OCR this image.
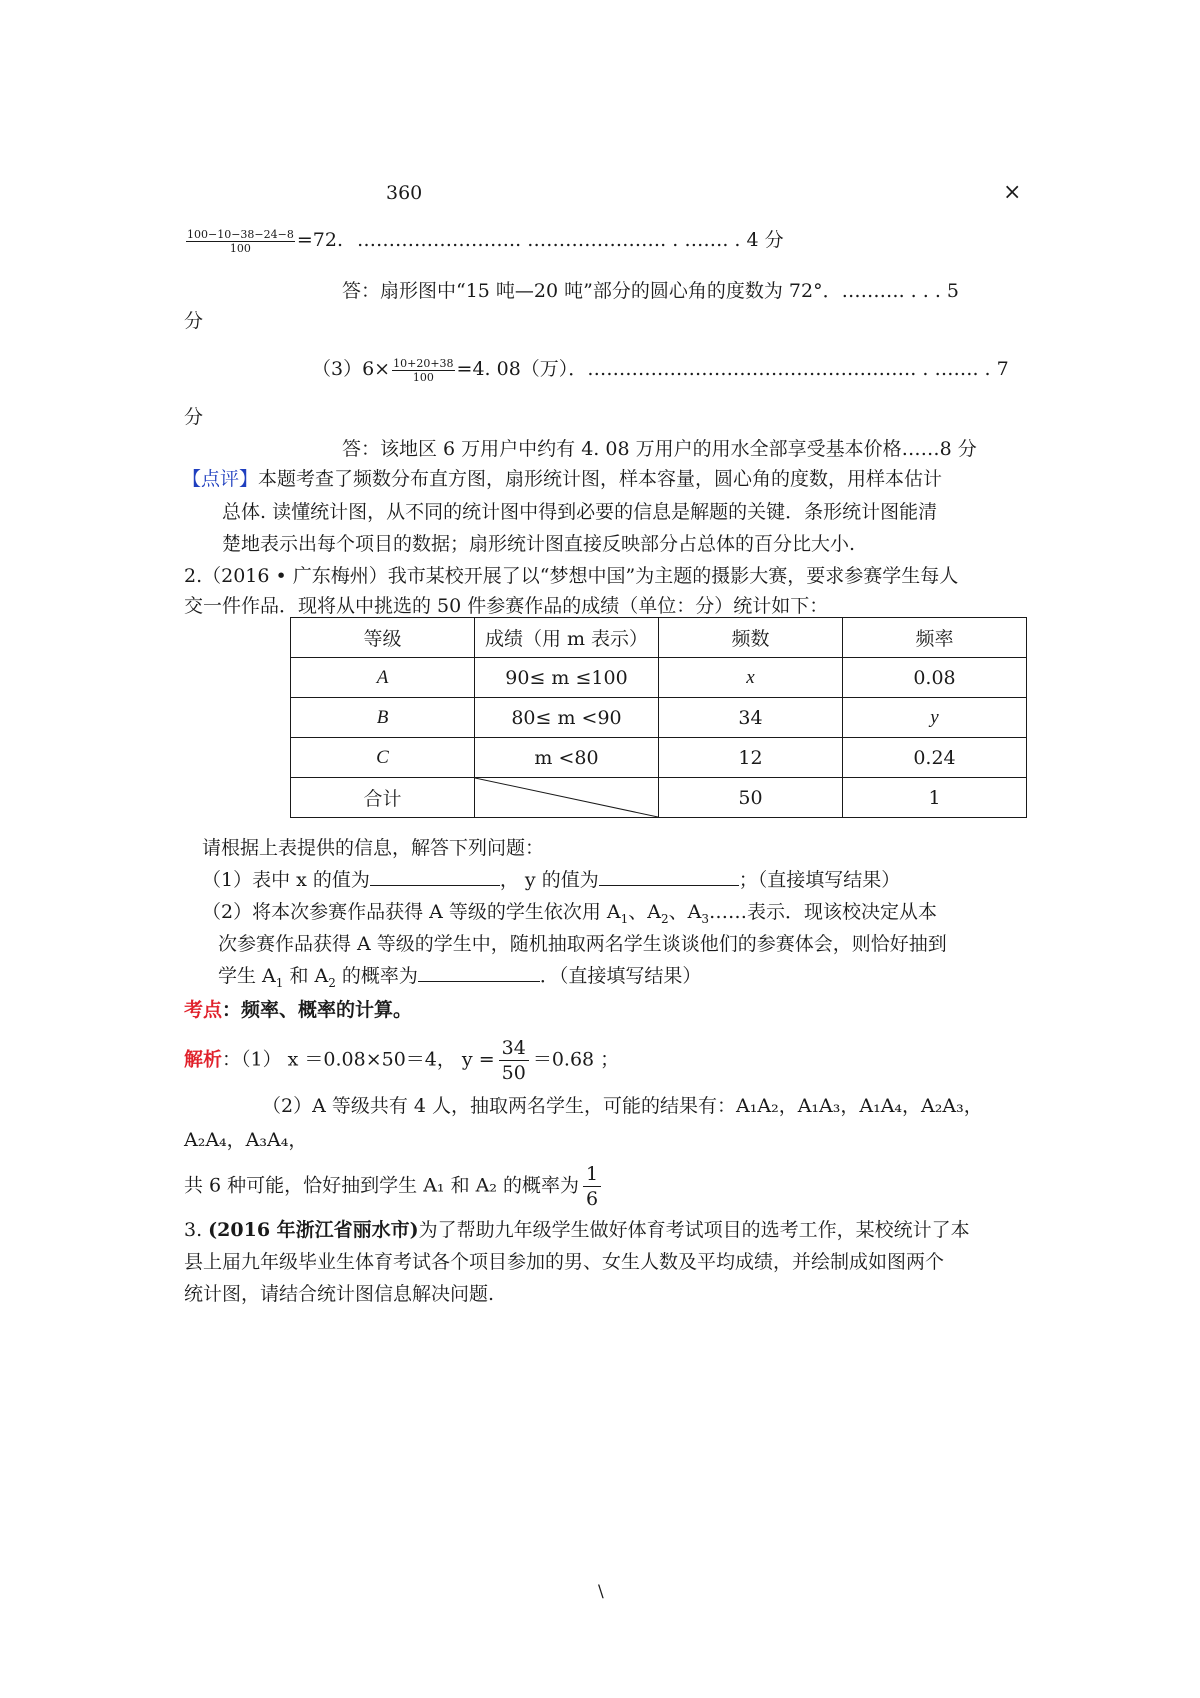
360	×
$\frac{100-10-38-24-8}{100} =72$. …………………….. …………………. . ……. . 4 分
答：扇形图中“15 吨—20 吨”部分的圆心角的度数为 72°．………. . . . 5
分
$(3)6\times \frac{10+20+38}{100} =4$. 08（万）．……………………………………………. . ……. . 7
分
答：该地区 6 万用户中约有 4. 08 万用户的用水全部享受基本价格……8 分
【点评】本题考查了频数分布直方图，扇形统计图，样本容量，圆心角的度数，用样本估计
总体. 读懂统计图，从不同的统计图中得到必要的信息是解题的关键．条形统计图能清
楚地表示出每个项目的数据；扇形统计图直接反映部分占总体的百分比大小.
2.（2016 • 广东梅州）我市某校开展了以“梦想中国”为主题的摄影大赛，要求参赛学生每人
交一件作品．现将从中挑选的 50 件参赛作品的成绩（单位：分）统计如下：
等级	成绩（用 m 表示）	频数	频率
A	90≤ m ≤100	x	0.08
B	80≤ m <90	34	y
C	m <80	12	0.24
合计		50	1
请根据上表提供的信息，解答下列问题：
（1）表中 x 的值为	， y 的值为	；（直接填写结果）
（2）将本次参赛作品获得 A 等级的学生依次用 $A_1$、$A_2$、$A_3\dots\dots$表示．现该校决定从本
次参赛作品获得 A 等级的学生中，随机抽取两名学生谈谈他们的参赛体会，则恰好抽到
学生 $A_1$ 和 $A_2$ 的概率为	．（直接填写结果）
考点：频率、概率的计算。
解析：（1） x ＝0.08×50＝4， $y = \frac{34}{50} =0.68$ ；
（2）A 等级共有 4 人，抽取两名学生，可能的结果有：A₁A₂，A₁A₃，A₁A₄，A₂A₃，
A₂A₄，A₃A₄，
共 6 种可能，恰好抽到学生 A₁ 和 A₂ 的概率为 $\frac{1}{6}$
3. (2016 年浙江省丽水市)为了帮助九年级学生做好体育考试项目的选考工作，某校统计了本
县上届九年级毕业生体育考试各个项目参加的男、女生人数及平均成绩，并绘制成如图两个
统计图，请结合统计图信息解决问题.
\
